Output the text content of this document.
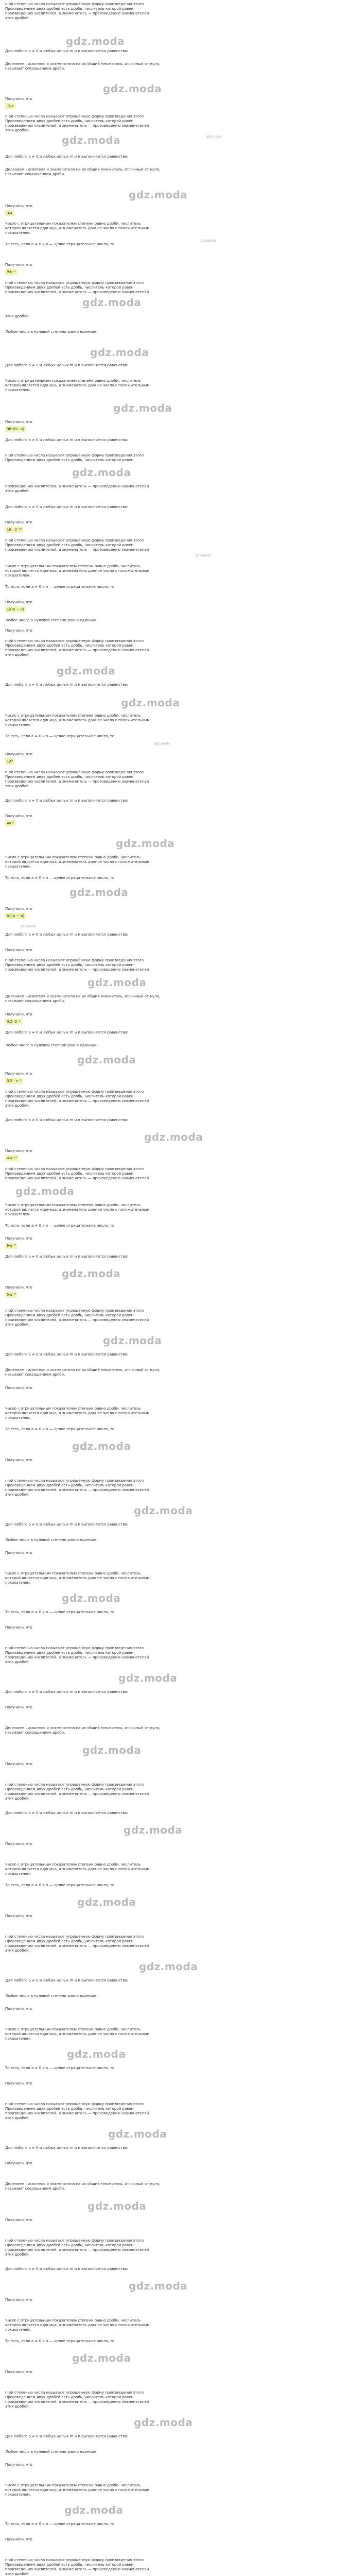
n-ой степенью числа называют упрощённую форму произведения этого
Произведением двух дробей есть дробь, числитель которой равен
произведению числителей, а знаменатель — произведению знаменателей
этих дробей.
gdz.moda
Для любого a ≠ 0 и любых целых m и n выполняется равенство:
Делением числителя и знаменателя на их общий множитель, отличный от нуля,
называют сокращением дроби.
gdz.moda
Получили, что
-2/a
n-ой степенью числа называют упрощённую форму произведения этого
Произведением двух дробей есть дробь, числитель которой равен
произведению числителей, а знаменатель — произведению знаменателей
этих дробей.
gdz.moda	gdz.moda
Для любого a ≠ 0 и любых целых m и n выполняется равенство:
Делением числителя и знаменателя на их общий множитель, отличный от нуля,
называют сокращением дроби.
gdz.moda
Получили, что
9/4
Число с отрицательным показателем степени равно дроби, числитель
которой является единица, а знаменатель данное число с положительным
показателем.
То есть, если a ≠ 0 и n — целое отрицательное число, то
gdz.moda
Получили, что
9·b⁻¹
n-ой степенью числа называют упрощённую форму произведения этого
Произведением двух дробей есть дробь, числитель которой равен
произведению числителей, а знаменатель — произведению знаменателей
gdz.moda
этих дробей.
Любое число в нулевой степени равно единице.
gdz.moda
Для любого a ≠ 0 и любых целых m и n выполняется равенство:
Число с отрицательным показателем степени равно дроби, числитель
которой является единица, а знаменатель данное число с положительным
показателем.
gdz.moda
Получили, что
9b²/(9−a)
Для любого a ≠ 0 и любых целых m и n выполняется равенство:
n-ой степенью числа называют упрощённую форму произведения этого
Произведением двух дробей есть дробь, числитель которой равен
gdz.moda
произведению числителей, а знаменатель — произведению знаменателей
этих дробей.
Для любого a ≠ 0 и любых целых m и n выполняется равенство:
Получили, что
16 · 2⁻¹⁴
n-ой степенью числа называют упрощённую форму произведения этого
Произведением двух дробей есть дробь, числитель которой равен
произведению числителей, а знаменатель — произведению знаменателей
gdz.moda
Число с отрицательным показателем степени равно дроби, числитель
которой является единица, а знаменатель данное число с положительным
показателем.
То есть, если a ≠ 0 и n — целое отрицательное число, то
Получили, что
1/(m − n)
Любое число в нулевой степени равно единице.
Получили, что
n-ой степенью числа называют упрощённую форму произведения этого
Произведением двух дробей есть дробь, числитель которой равен
произведению числителей, а знаменатель — произведению знаменателей
этих дробей.
gdz.moda
Для любого a ≠ 0 и любых целых m и n выполняется равенство:
gdz.moda
Число с отрицательным показателем степени равно дроби, числитель
которой является единица, а знаменатель данное число с положительным
показателем.
То есть, если a ≠ 0 и n — целое отрицательное число, то
gdz.moda
Получили, что
1/t⁶
n-ой степенью числа называют упрощённую форму произведения этого
Произведением двух дробей есть дробь, числитель которой равен
произведению числителей, а знаменатель — произведению знаменателей
этих дробей.
Для любого a ≠ 0 и любых целых m и n выполняется равенство:
Получили, что
4a¹⁰
gdz.moda
Число с отрицательным показателем степени равно дроби, числитель
которой является единица, а знаменатель данное число с положительным
показателем.
То есть, если a ≠ 0 и n — целое отрицательное число, то
gdz.moda
Получили, что
b²/(a − b)
gdz.moda
Для любого a ≠ 0 и любых целых m и n выполняется равенство:
Получили, что
n-ой степенью числа называют упрощённую форму произведения этого
Произведением двух дробей есть дробь, числитель которой равен
произведению числителей, а знаменатель — произведению знаменателей
gdz.moda
Делением числителя и знаменателя на их общий множитель, отличный от нуля,
называют сокращением дроби.
Получили, что
0,2 ·3⁻¹
Для любого a ≠ 0 и любых целых m и n выполняется равенство:
Любое число в нулевой степени равно единице.
gdz.moda
Получили, что
0,5 · x⁻⁶
n-ой степенью числа называют упрощённую форму произведения этого
Произведением двух дробей есть дробь, числитель которой равен
произведению числителей, а знаменатель — произведению знаменателей
этих дробей.
Для любого a ≠ 0 и любых целых m и n выполняется равенство:
gdz.moda
Получили, что
4·a⁻¹²
n-ой степенью числа называют упрощённую форму произведения этого
Произведением двух дробей есть дробь, числитель которой равен
произведению числителей, а знаменатель — произведению знаменателей
gdz.moda
Число с отрицательным показателем степени равно дроби, числитель
которой является единица, а знаменатель данное число с положительным
показателем.
То есть, если a ≠ 0 и n — целое отрицательное число, то
Получили, что
9·a⁻⁶
Для любого a ≠ 0 и любых целых m и n выполняется равенство:
gdz.moda
Получили, что
5·a⁻⁸
n-ой степенью числа называют упрощённую форму произведения этого
Произведением двух дробей есть дробь, числитель которой равен
произведению числителей, а знаменатель — произведению знаменателей
этих дробей.
gdz.moda
Для любого a ≠ 0 и любых целых m и n выполняется равенство:
Делением числителя и знаменателя на их общий множитель, отличный от нуля,
называют сокращением дроби.
Получили, что
Число с отрицательным показателем степени равно дроби, числитель
которой является единица, а знаменатель данное число с положительным
показателем.
То есть, если a ≠ 0 и n — целое отрицательное число, то
gdz.moda
Получили, что
n-ой степенью числа называют упрощённую форму произведения этого
Произведением двух дробей есть дробь, числитель которой равен
произведению числителей, а знаменатель — произведению знаменателей
этих дробей.
gdz.moda
Для любого a ≠ 0 и любых целых m и n выполняется равенство:
Любое число в нулевой степени равно единице.
Получили, что
Число с отрицательным показателем степени равно дроби, числитель
которой является единица, а знаменатель данное число с положительным
показателем.
gdz.moda
То есть, если a ≠ 0 и n — целое отрицательное число, то
Получили, что
n-ой степенью числа называют упрощённую форму произведения этого
Произведением двух дробей есть дробь, числитель которой равен
произведению числителей, а знаменатель — произведению знаменателей
этих дробей.
gdz.moda
Для любого a ≠ 0 и любых целых m и n выполняется равенство:
Получили, что
Делением числителя и знаменателя на их общий множитель, отличный от нуля,
называют сокращением дроби.
gdz.moda
Получили, что
n-ой степенью числа называют упрощённую форму произведения этого
Произведением двух дробей есть дробь, числитель которой равен
произведению числителей, а знаменатель — произведению знаменателей
этих дробей.
Для любого a ≠ 0 и любых целых m и n выполняется равенство:
gdz.moda
Получили, что
Число с отрицательным показателем степени равно дроби, числитель
которой является единица, а знаменатель данное число с положительным
показателем.
То есть, если a ≠ 0 и n — целое отрицательное число, то
gdz.moda
Получили, что
n-ой степенью числа называют упрощённую форму произведения этого
Произведением двух дробей есть дробь, числитель которой равен
произведению числителей, а знаменатель — произведению знаменателей
этих дробей.
gdz.moda
Для любого a ≠ 0 и любых целых m и n выполняется равенство:
Любое число в нулевой степени равно единице.
Получили, что
Число с отрицательным показателем степени равно дроби, числитель
которой является единица, а знаменатель данное число с положительным
показателем.
gdz.moda
То есть, если a ≠ 0 и n — целое отрицательное число, то
Получили, что
n-ой степенью числа называют упрощённую форму произведения этого
Произведением двух дробей есть дробь, числитель которой равен
произведению числителей, а знаменатель — произведению знаменателей
этих дробей.
gdz.moda
Для любого a ≠ 0 и любых целых m и n выполняется равенство:
Получили, что
Делением числителя и знаменателя на их общий множитель, отличный от нуля,
называют сокращением дроби.
gdz.moda
Получили, что
n-ой степенью числа называют упрощённую форму произведения этого
Произведением двух дробей есть дробь, числитель которой равен
произведению числителей, а знаменатель — произведению знаменателей
этих дробей.
Для любого a ≠ 0 и любых целых m и n выполняется равенство:
gdz.moda
Получили, что
Число с отрицательным показателем степени равно дроби, числитель
которой является единица, а знаменатель данное число с положительным
показателем.
То есть, если a ≠ 0 и n — целое отрицательное число, то
gdz.moda
Получили, что
n-ой степенью числа называют упрощённую форму произведения этого
Произведением двух дробей есть дробь, числитель которой равен
произведению числителей, а знаменатель — произведению знаменателей
этих дробей.
gdz.moda
Для любого a ≠ 0 и любых целых m и n выполняется равенство:
Любое число в нулевой степени равно единице.
Получили, что
Число с отрицательным показателем степени равно дроби, числитель
которой является единица, а знаменатель данное число с положительным
показателем.
gdz.moda
То есть, если a ≠ 0 и n — целое отрицательное число, то
Получили, что
n-ой степенью числа называют упрощённую форму произведения этого
Произведением двух дробей есть дробь, числитель которой равен
произведению числителей, а знаменатель — произведению знаменателей
этих дробей.
